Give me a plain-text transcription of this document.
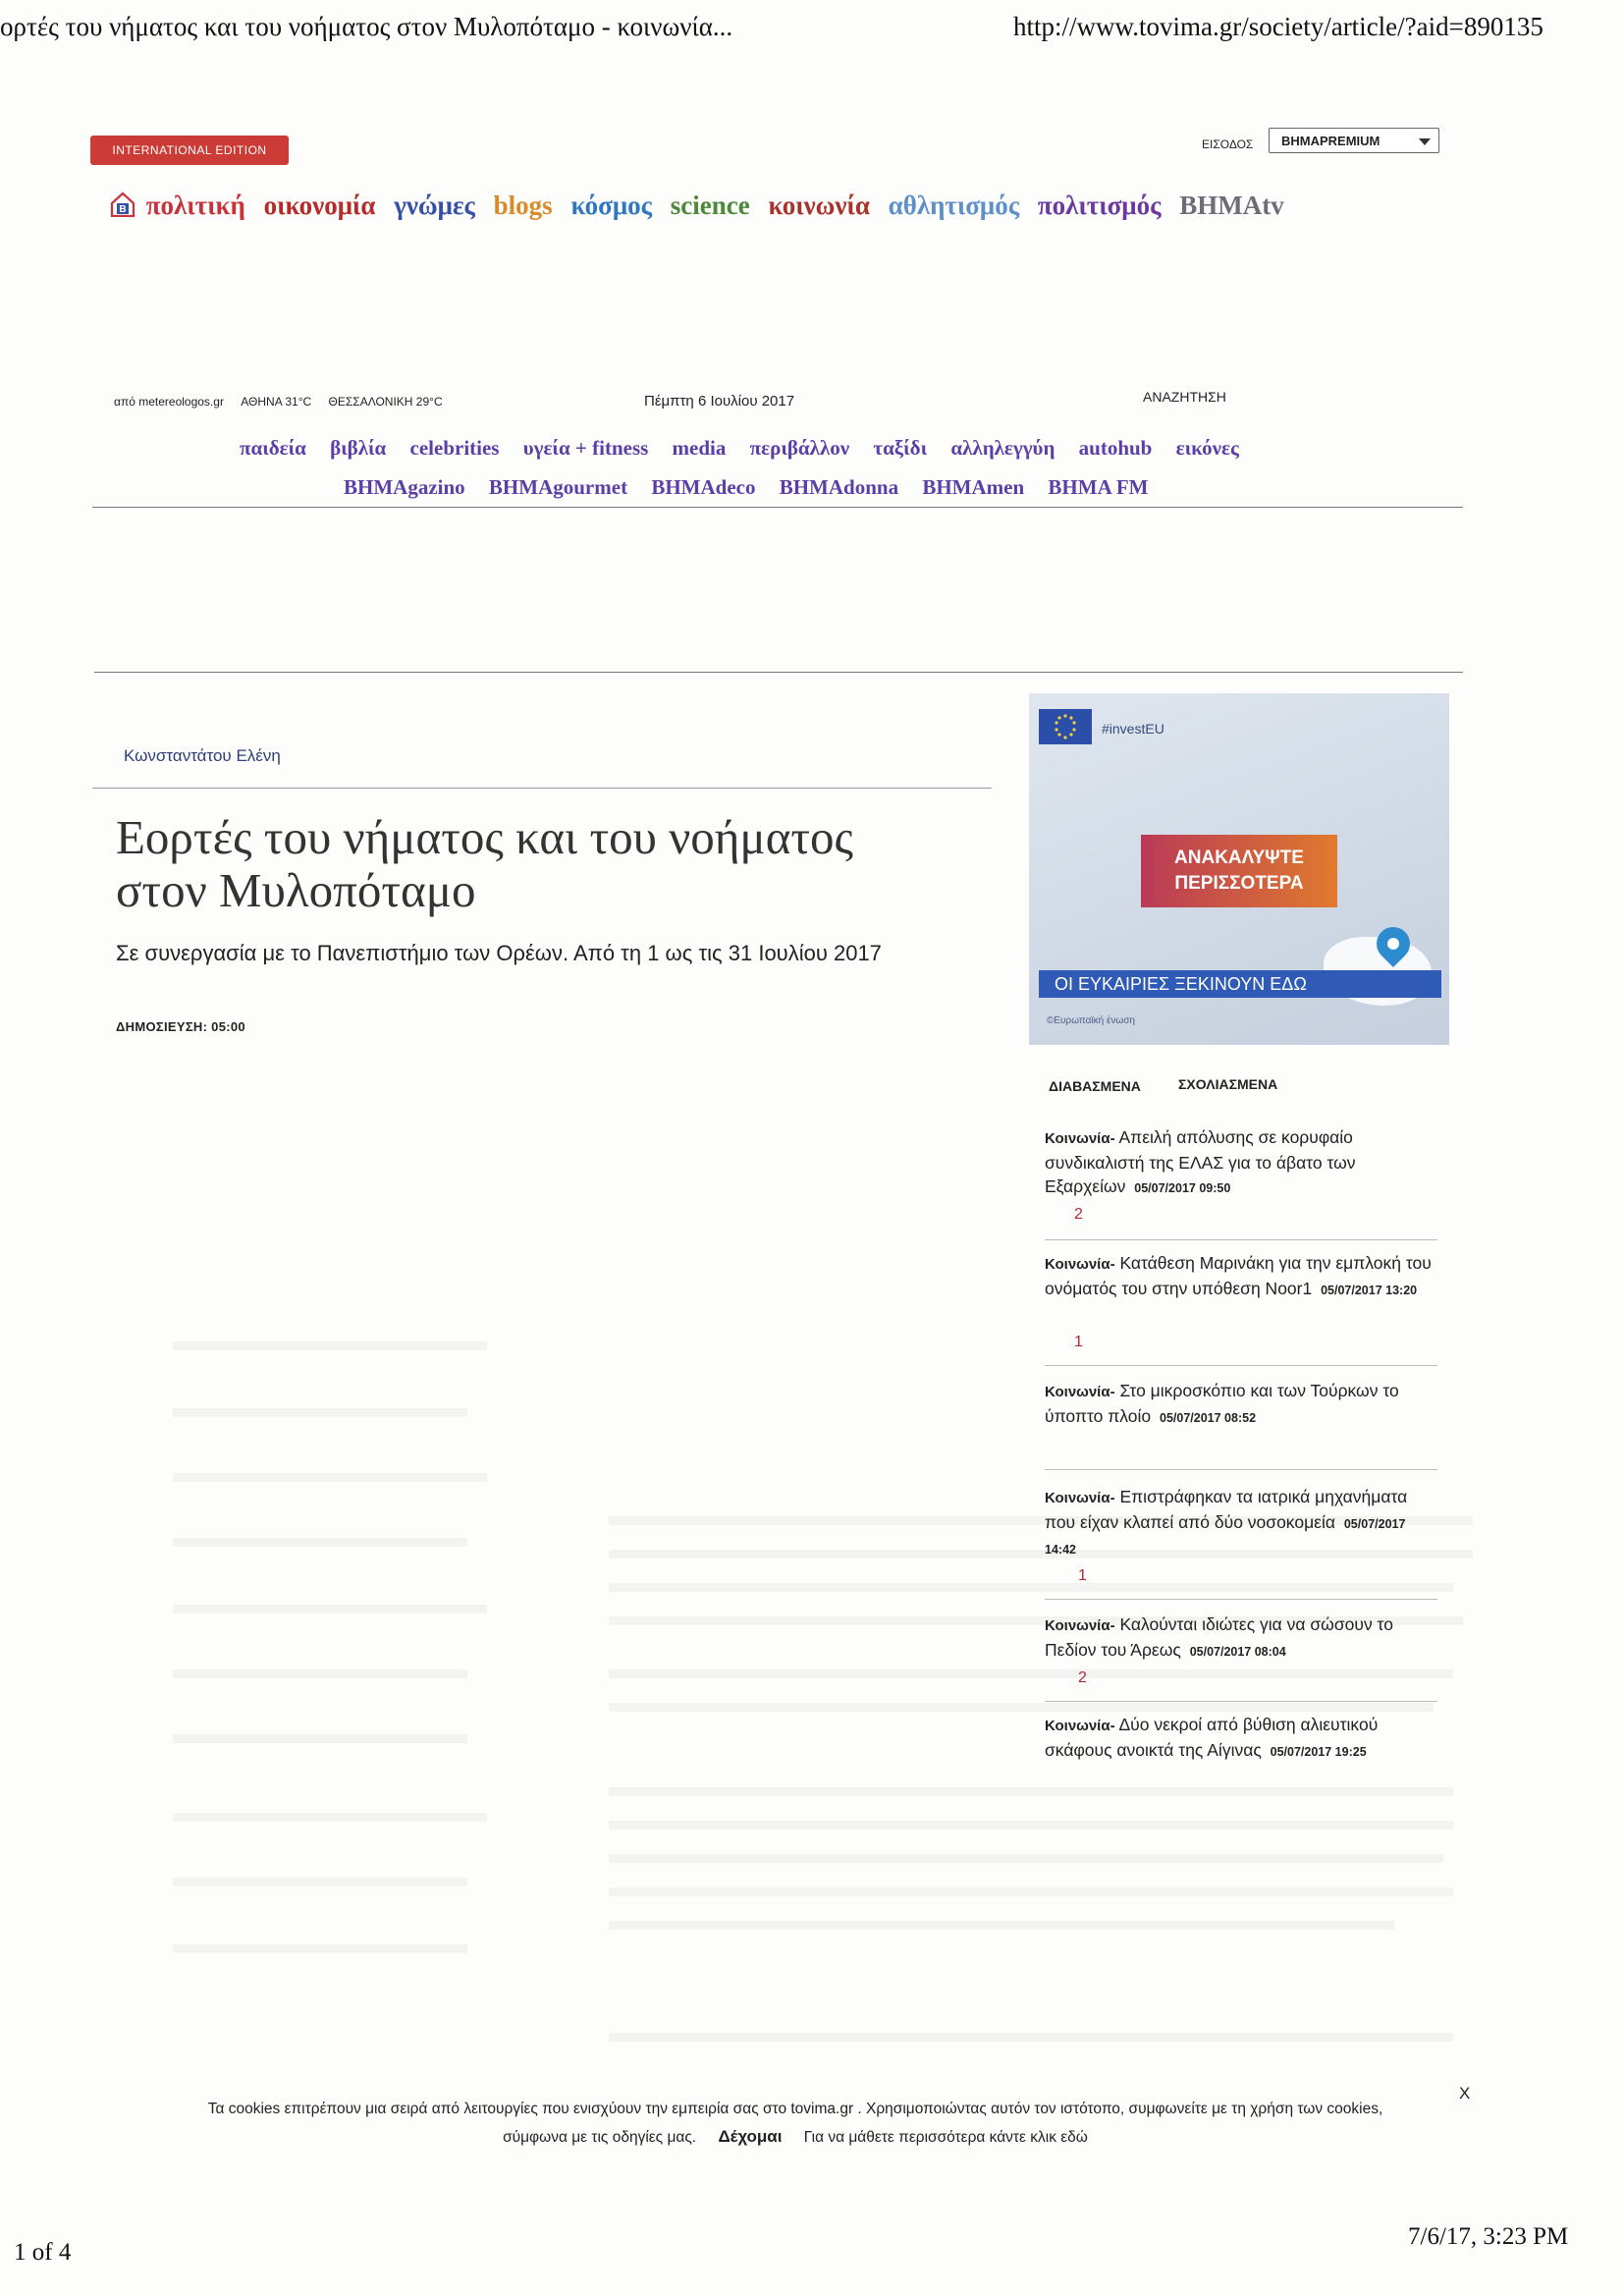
ορτές του νήματος και του νοήματος στον Μυλοπόταμο - κοινωνία...	http://www.tovima.gr/society/article/?aid=890135
INTERNATIONAL EDITION	ΕΙΣΟΔΟΣ	BHMAPREMIUM
B πολιτική οικονομία γνώμες blogs κόσμος science κοινωνία αθλητισμός πολιτισμός BHMAtv
από metereologos.gr ΑΘΗΝΑ 31°C ΘΕΣΣΑΛΟΝΙΚΗ 29°C	Πέμπτη 6 Ιουλίου 2017	ΑΝΑΖΗΤΗΣΗ
παιδεία βιβλία celebrities υγεία + fitness media περιβάλλον ταξίδι αλληλεγγύη autohub εικόνες
BHMAgazino BHMAgourmet BHMAdeco BHMAdonna BHMAmen BHMA FM
Κωνσταντάτου Ελένη
Εορτές του νήματος και του νοήματος
στον Μυλοπόταμο
Σε συνεργασία με το Πανεπιστήμιο των Ορέων. Από τη 1 ως τις 31 Ιουλίου 2017
ΔΗΜΟΣΙΕΥΣΗ: 05:00
#investEU
ΑΝΑΚΑΛΥΨΤΕ
ΠΕΡΙΣΣΟΤΕΡΑ
ΟΙ ΕΥΚΑΙΡΙΕΣ ΞΕΚΙΝΟΥΝ ΕΔΩ
©Ευρωπαϊκή ένωση
ΔΙΑΒΑΣΜΕΝΑ	ΣΧΟΛΙΑΣΜΕΝΑ
Κοινωνία- Απειλή απόλυσης σε κορυφαίο συνδικαλιστή της ΕΛΑΣ για το άβατο των Εξαρχείων 05/07/2017 09:50
2
Κοινωνία- Κατάθεση Μαρινάκη για την εμπλοκή του ονόματός του στην υπόθεση Noor1 05/07/2017 13:20
1
Κοινωνία- Στο μικροσκόπιο και των Τούρκων το ύποπτο πλοίο 05/07/2017 08:52
Κοινωνία- Επιστράφηκαν τα ιατρικά μηχανήματα που είχαν κλαπεί από δύο νοσοκομεία 05/07/2017 14:42
1
Κοινωνία- Καλούνται ιδιώτες για να σώσουν το Πεδίον του Άρεως 05/07/2017 08:04
2
Κοινωνία- Δύο νεκροί από βύθιση αλιευτικού σκάφους ανοικτά της Αίγινας 05/07/2017 19:25
Τα cookies επιτρέπουν μια σειρά από λειτουργίες που ενισχύουν την εμπειρία σας στο tovima.gr . Χρησιμοποιώντας αυτόν τον ιστότοπο, συμφωνείτε με τη χρήση των cookies,
σύμφωνα με τις οδηγίες μας. Δέχομαι Για να μάθετε περισσότερα κάντε κλικ εδώ
X
1 of 4
7/6/17, 3:23 PM
